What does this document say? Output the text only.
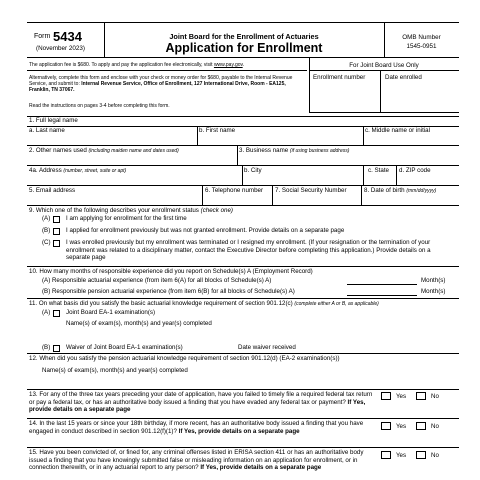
Form 5434
(November 2023)
Joint Board for the Enrollment of Actuaries
Application for Enrollment
OMB Number
1545-0951
The application fee is $680. To apply and pay the application fee electronically, visit www.pay.gov.
Alternatively, complete this form and enclose with your check or money order for $680, payable to the Internal Revenue Service, and submit to: Internal Revenue Service, Office of Enrollment, 127 International Drive, Room - EA125, Franklin, TN 37067.
Read the instructions on pages 3-4 before completing this form.
For Joint Board Use Only
Enrollment number	Date enrolled
1. Full legal name
a. Last name	b. First name	c. Middle name or initial
2. Other names used (including maiden name and dates used)	3. Business name (if using business address)
4a. Address (number, street, suite or apt)	b. City	c. State d. ZIP code
5. Email address	6. Telephone number 7. Social Security Number	8. Date of birth (mm/dd/yyyy)
9. Which one of the following describes your enrollment status (check one)
(A)	I am applying for enrollment for the first time
(B)	I applied for enrollment previously but was not granted enrollment. Provide details on a separate page
(C) I was enrolled previously but my enrollment was terminated or I resigned my enrollment. (If your resignation or the termination of your enrollment was related to a disciplinary matter, contact the Executive Director before completing this application.) Provide details on a separate page
10. How many months of responsible experience did you report on Schedule(s) A (Employment Record)
(A) Responsible actuarial experience (from item 6(A) for all blocks of Schedule(s) A)	Month(s)
(B) Responsible pension actuarial experience (from item 6(B) for all blocks of Schedule(s) A)	Month(s)
11. On what basis did you satisfy the basic actuarial knowledge requirement of section 901.12(c) (complete either A or B, as applicable)
(A)	Joint Board EA-1 examination(s)
Name(s) of exam(s), month(s) and year(s) completed
(B)	Waiver of Joint Board EA-1 examination(s)	Date waiver received
12. When did you satisfy the pension actuarial knowledge requirement of section 901.12(d) (EA-2 examination(s))
Name(s) of exam(s), month(s) and year(s) completed
13. For any of the three tax years preceding your date of application, have you failed to timely file a required federal tax return or pay a federal tax, or has an authoritative body issued a finding that you have evaded any federal tax or payment? If Yes, provide details on a separate page
Yes	No
14. In the last 15 years or since your 18th birthday, if more recent, has an authoritative body issued a finding that you have engaged in conduct described in section 901.12(f)(1)? If Yes, provide details on a separate page
Yes	No
15. Have you been convicted of, or fined for, any criminal offenses listed in ERISA section 411 or has an authoritative body issued a finding that you have knowingly submitted false or misleading information on an application for enrollment, or in connection therewith, or in any actuarial report to any person? If Yes, provide details on a separate page
Yes	No
